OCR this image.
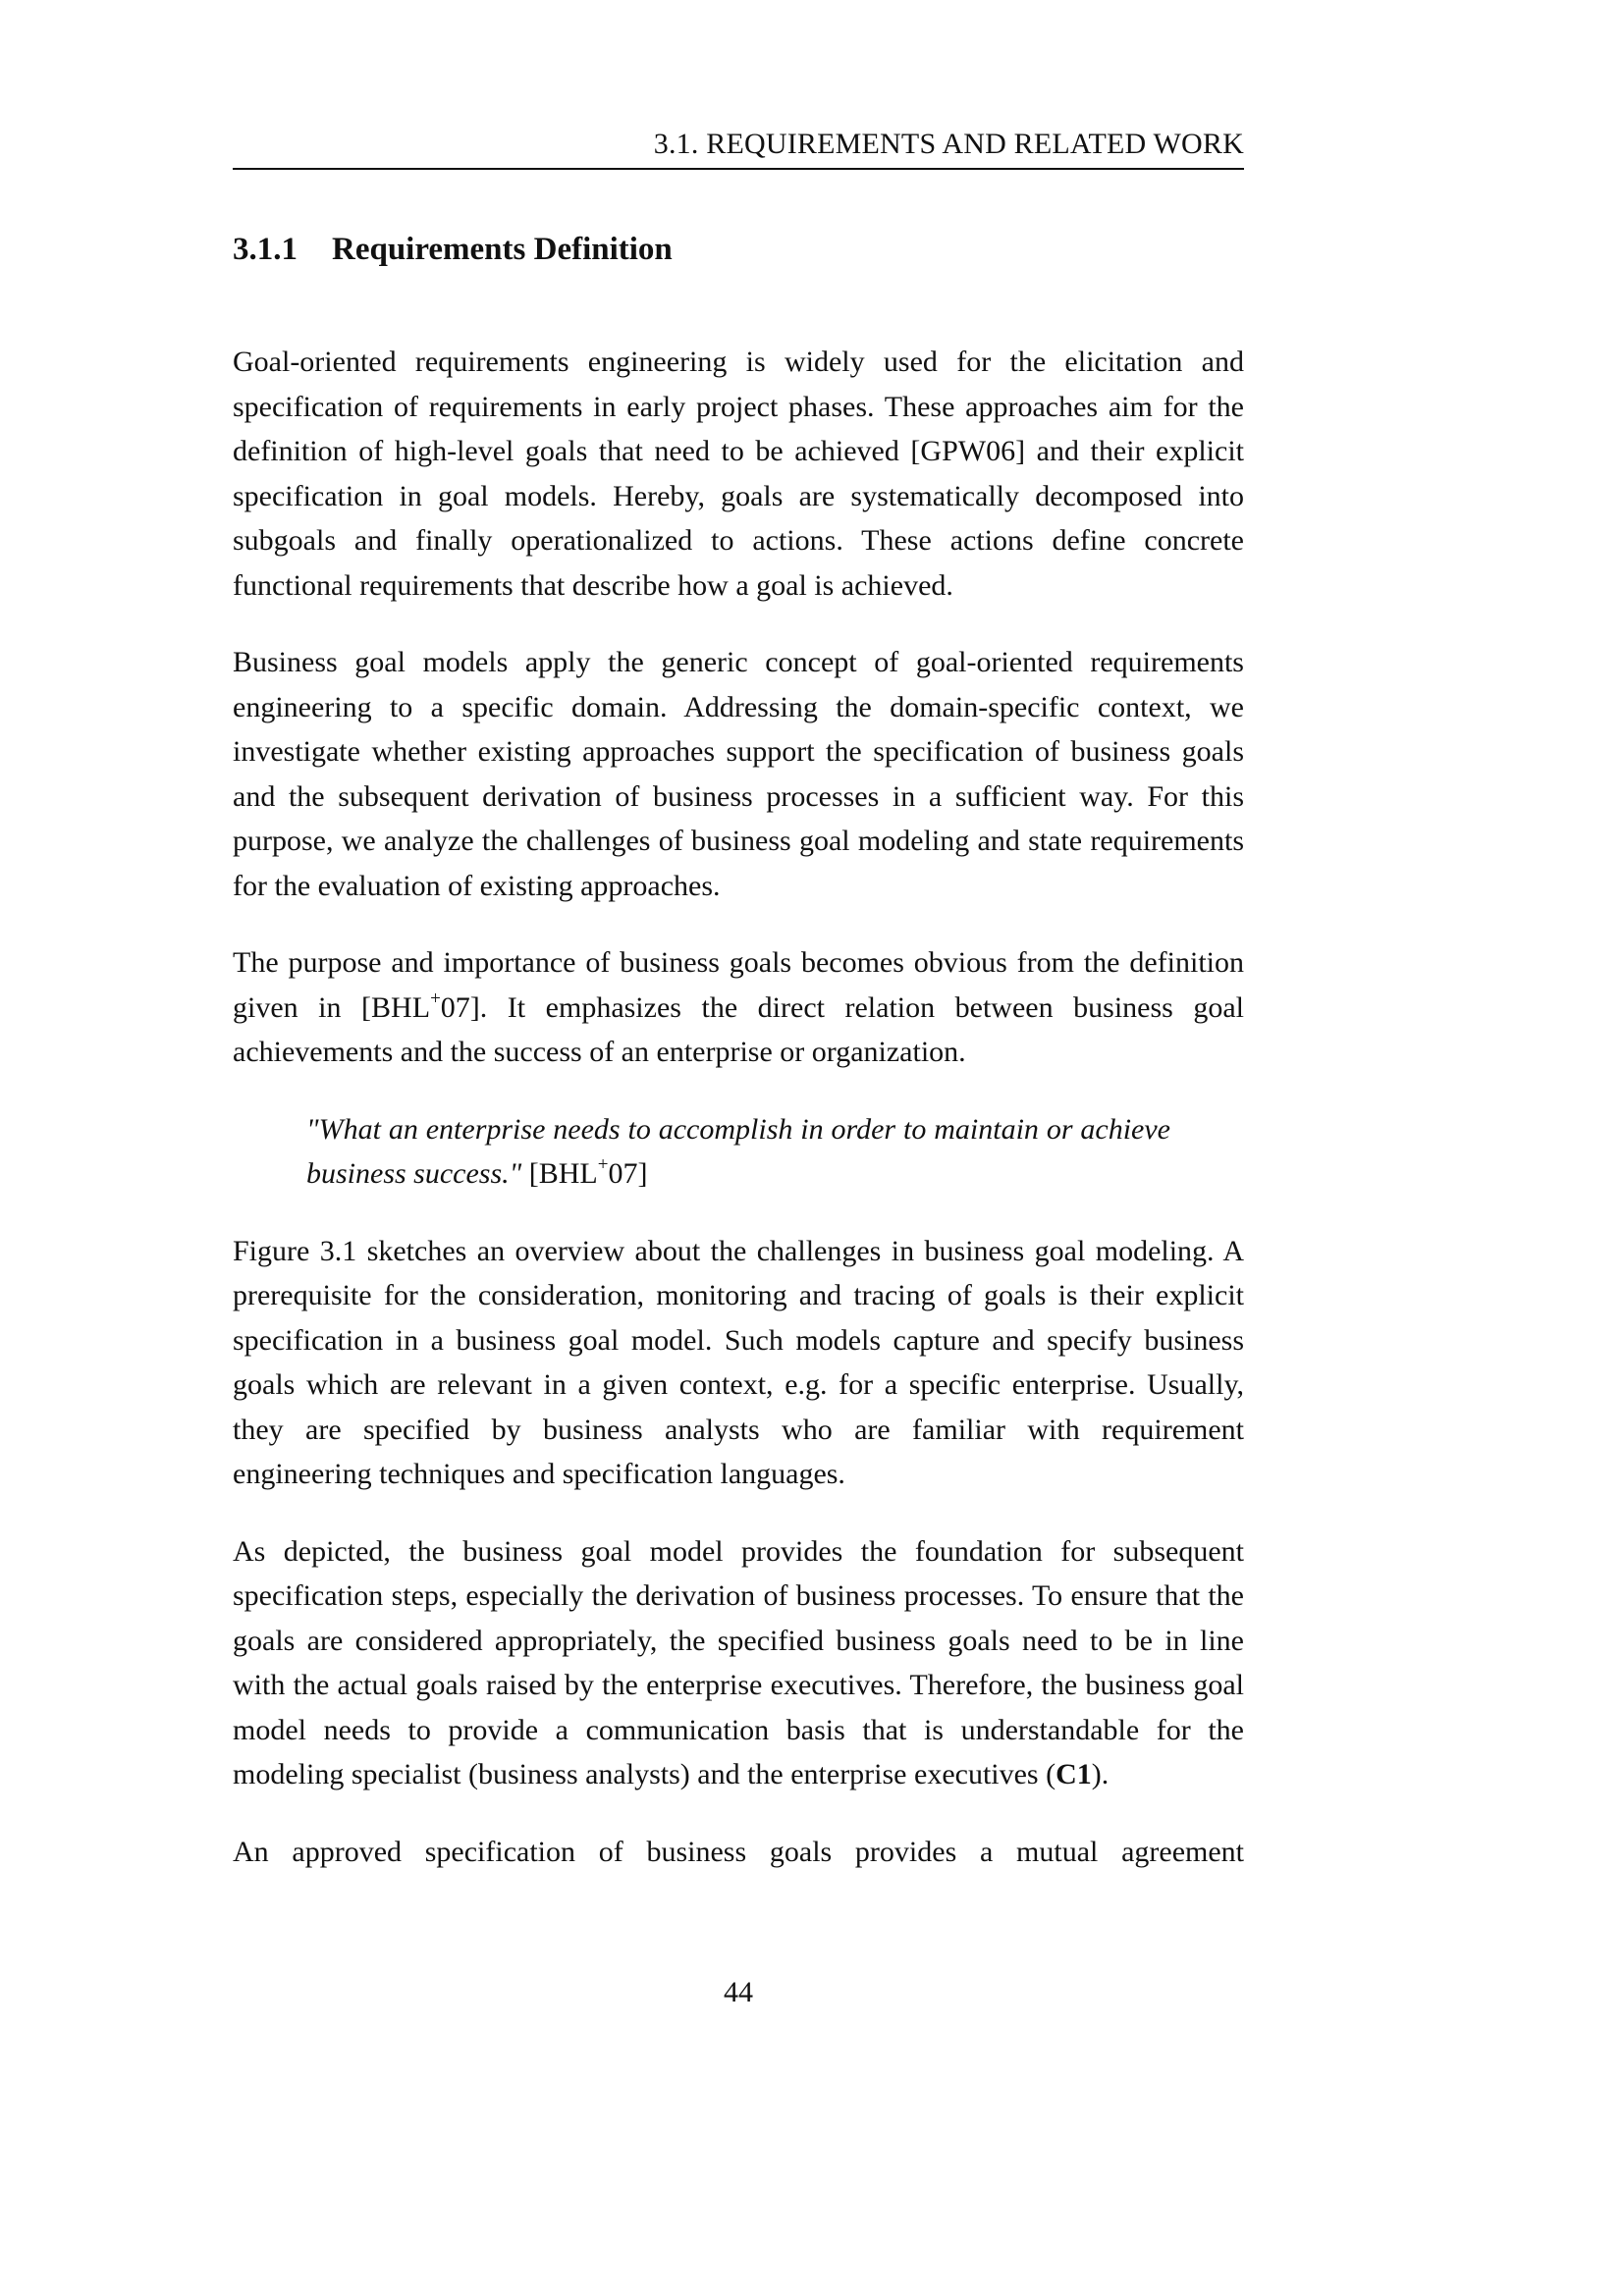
3.1. REQUIREMENTS AND RELATED WORK
3.1.1 Requirements Definition

Goal-oriented requirements engineering is widely used for the elicitation and specification of requirements in early project phases. These approaches aim for the definition of high-level goals that need to be achieved [GPW06] and their explicit specification in goal models. Hereby, goals are systematically decomposed into subgoals and finally operationalized to actions. These actions define concrete functional requirements that describe how a goal is achieved.

Business goal models apply the generic concept of goal-oriented requirements engineering to a specific domain. Addressing the domain-specific context, we investigate whether existing approaches support the specification of business goals and the subsequent derivation of business processes in a sufficient way. For this purpose, we analyze the challenges of business goal modeling and state requirements for the evaluation of existing approaches.

The purpose and importance of business goals becomes obvious from the definition given in [BHL+07]. It emphasizes the direct relation between business goal achievements and the success of an enterprise or organization.

"What an enterprise needs to accomplish in order to maintain or achieve business success." [BHL+07]

Figure 3.1 sketches an overview about the challenges in business goal modeling. A prerequisite for the consideration, monitoring and tracing of goals is their explicit specification in a business goal model. Such models capture and specify business goals which are relevant in a given context, e.g. for a specific enterprise. Usually, they are specified by business analysts who are familiar with requirement engineering techniques and specification languages.

As depicted, the business goal model provides the foundation for subsequent specification steps, especially the derivation of business processes. To ensure that the goals are considered appropriately, the specified business goals need to be in line with the actual goals raised by the enterprise executives. Therefore, the business goal model needs to provide a communication basis that is understandable for the modeling specialist (business analysts) and the enterprise executives (C1).

An approved specification of business goals provides a mutual agreement

44
